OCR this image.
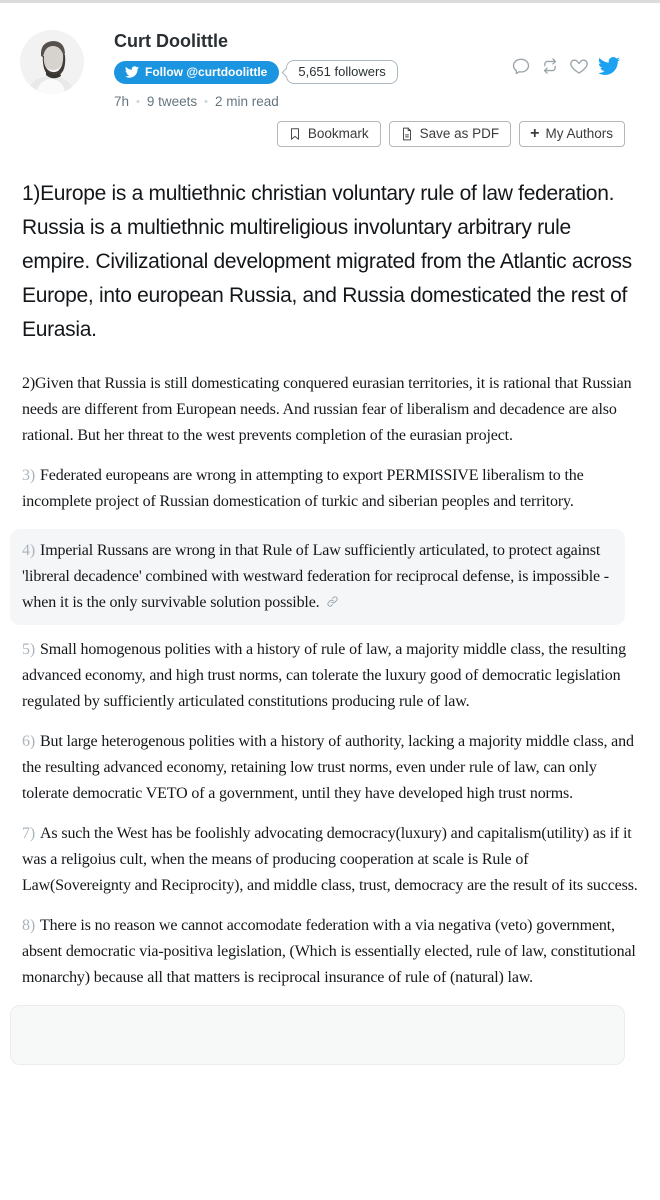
Curt Doolittle
Follow @curtdoolittle	5,651 followers
7h • 9 tweets • 2 min read
Bookmark	Save as PDF + My Authors

1)Europe is a multiethnic christian voluntary rule of law federation. Russia is a multiethnic multireligious involuntary arbitrary rule empire. Civilizational development migrated from the Atlantic across Europe, into european Russia, and Russia domesticated the rest of Eurasia.

2)Given that Russia is still domesticating conquered eurasian territories, it is rational that Russian needs are different from European needs. And russian fear of liberalism and decadence are also rational. But her threat to the west prevents completion of the eurasian project.

3) Federated europeans are wrong in attempting to export PERMISSIVE liberalism to the incomplete project of Russian domestication of turkic and siberian peoples and territory.

4) Imperial Russans are wrong in that Rule of Law sufficiently articulated, to protect against 'libreral decadence' combined with westward federation for reciprocal defense, is impossible - when it is the only survivable solution possible.

5) Small homogenous polities with a history of rule of law, a majority middle class, the resulting advanced economy, and high trust norms, can tolerate the luxury good of democratic legislation regulated by sufficiently articulated constitutions producing rule of law.

6) But large heterogenous polities with a history of authority, lacking a majority middle class, and the resulting advanced economy, retaining low trust norms, even under rule of law, can only tolerate democratic VETO of a government, until they have developed high trust norms.

7) As such the West has be foolishly advocating democracy(luxury) and capitalism(utility) as if it was a religoius cult, when the means of producing cooperation at scale is Rule of Law(Sovereignty and Reciprocity), and middle class, trust, democracy are the result of its success.

8) There is no reason we cannot accomodate federation with a via negativa (veto) government, absent democratic via-positiva legislation, (Which is essentially elected, rule of law, constitutional monarchy) because all that matters is reciprocal insurance of rule of (natural) law.
